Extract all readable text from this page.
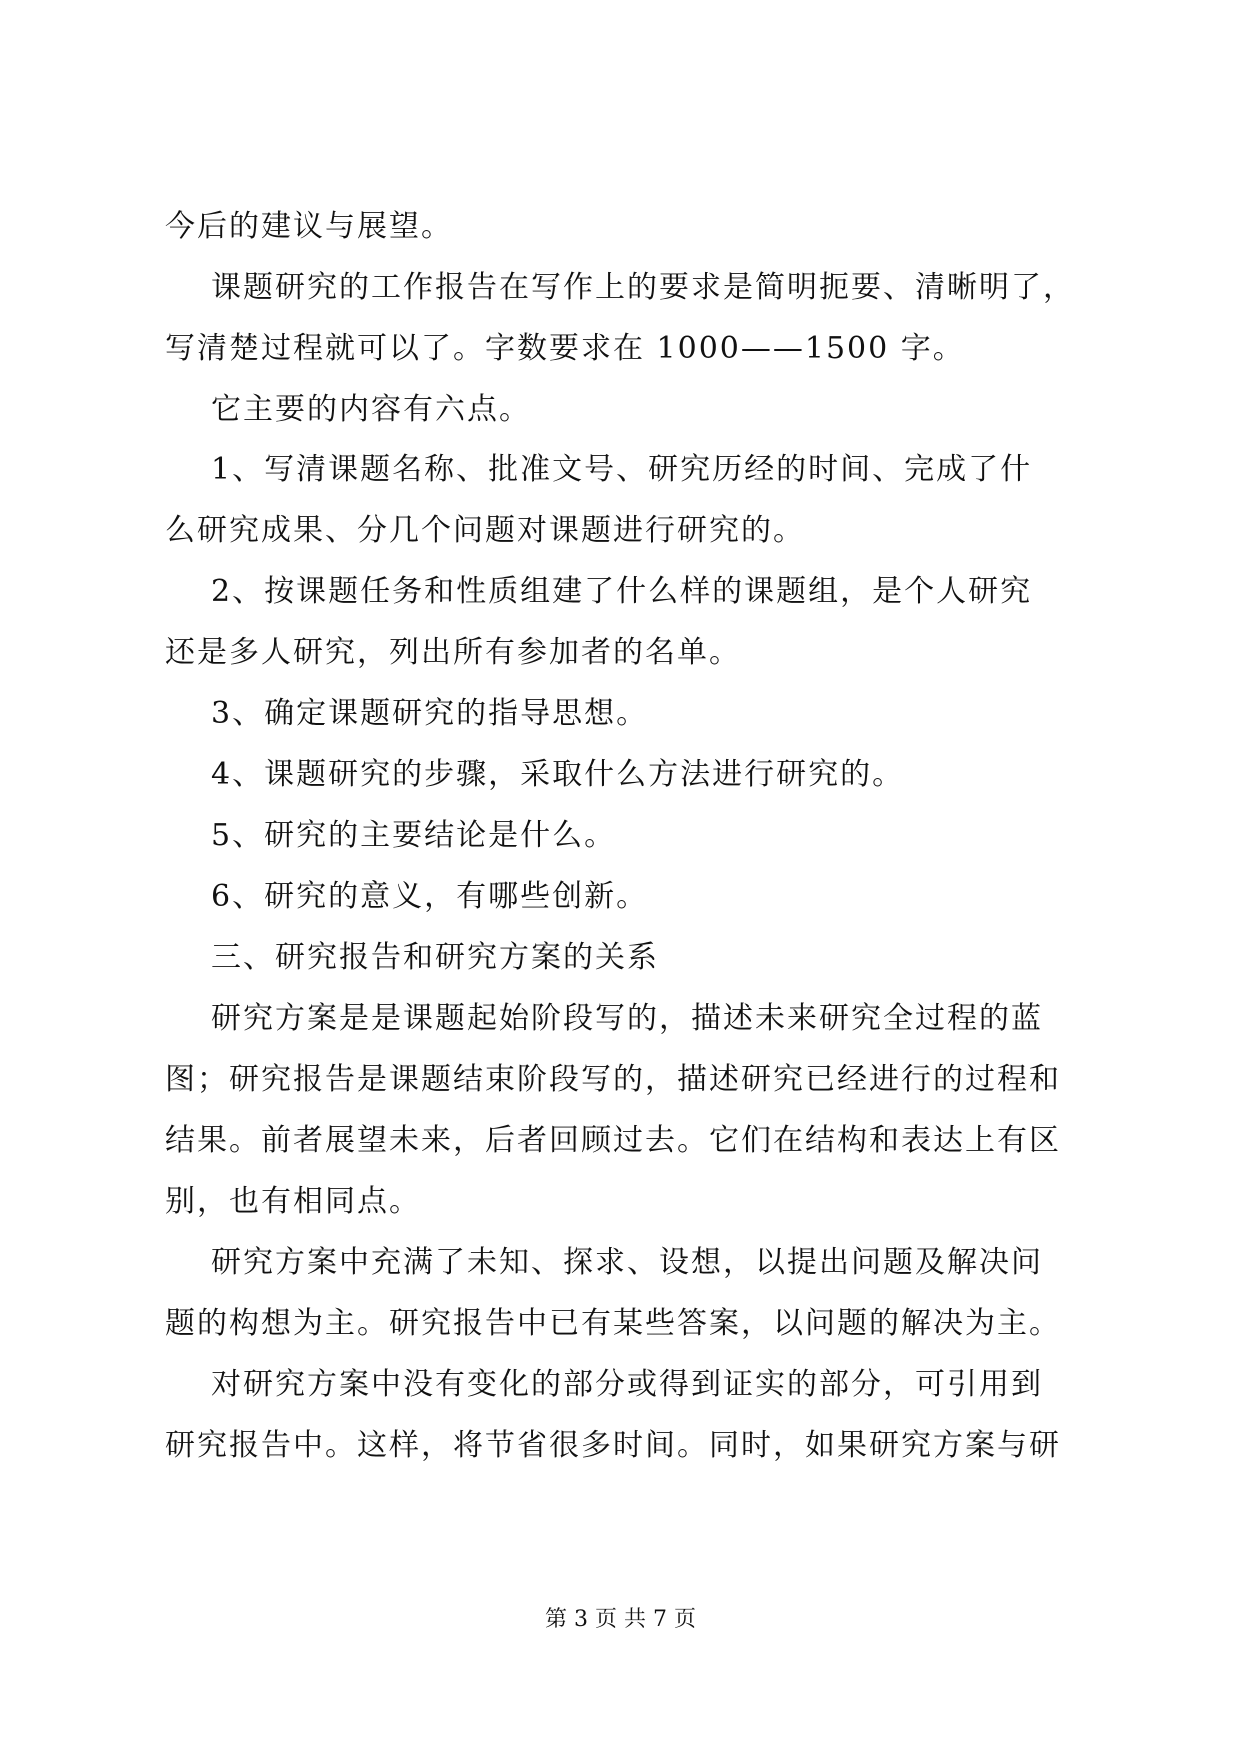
今后的建议与展望。
课题研究的工作报告在写作上的要求是简明扼要、清晰明了，
写清楚过程就可以了。字数要求在 1000——1500 字。
它主要的内容有六点。
1、写清课题名称、批准文号、研究历经的时间、完成了什
么研究成果、分几个问题对课题进行研究的。
2、按课题任务和性质组建了什么样的课题组，是个人研究
还是多人研究，列出所有参加者的名单。
3、确定课题研究的指导思想。
4、课题研究的步骤，采取什么方法进行研究的。
5、研究的主要结论是什么。
6、研究的意义，有哪些创新。
三、研究报告和研究方案的关系
研究方案是是课题起始阶段写的，描述未来研究全过程的蓝
图；研究报告是课题结束阶段写的，描述研究已经进行的过程和
结果。前者展望未来，后者回顾过去。它们在结构和表达上有区
别，也有相同点。
研究方案中充满了未知、探求、设想，以提出问题及解决问
题的构想为主。研究报告中已有某些答案，以问题的解决为主。
对研究方案中没有变化的部分或得到证实的部分，可引用到
研究报告中。这样，将节省很多时间。同时，如果研究方案与研
第 3 页 共 7 页
